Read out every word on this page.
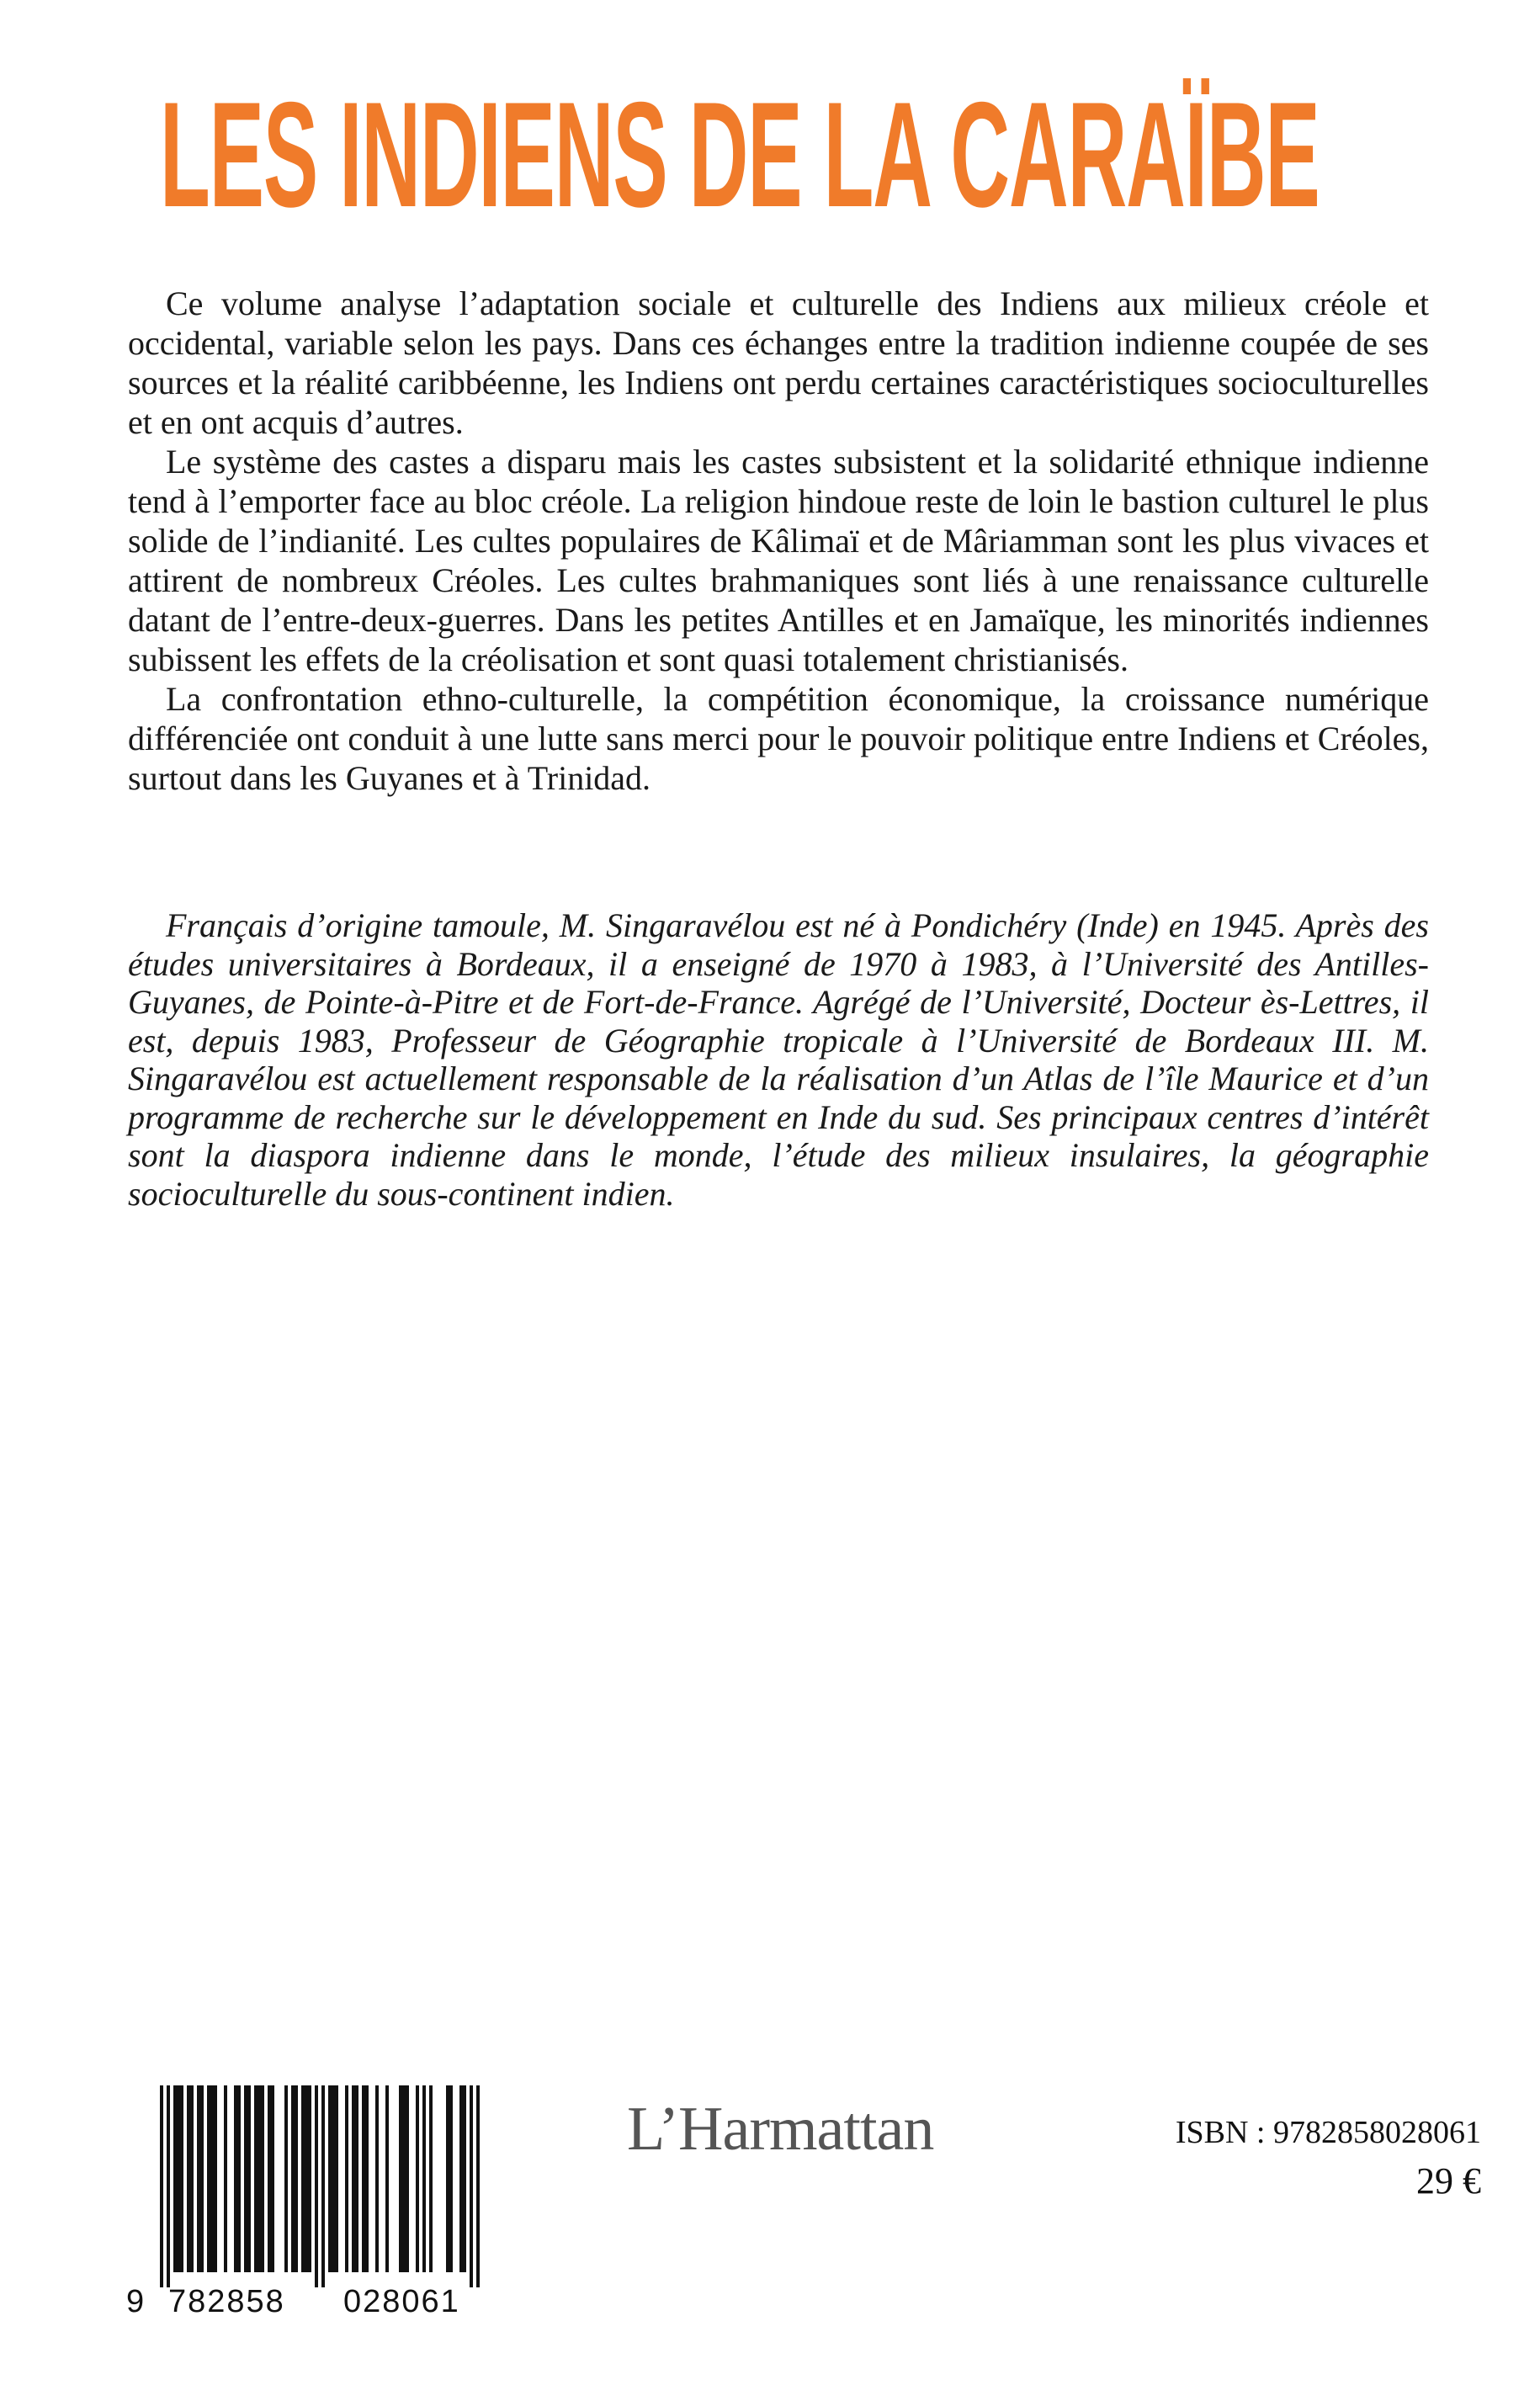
LES INDIENS DE LA CARAÏBE

Ce volume analyse l’adaptation sociale et culturelle des Indiens aux milieux créole et occidental, variable selon les pays. Dans ces échanges entre la tradition indienne coupée de ses sources et la réalité caribbéenne, les Indiens ont perdu certaines caractéristiques socioculturelles et en ont acquis d’autres.

Le système des castes a disparu mais les castes subsistent et la solidarité ethnique indienne tend à l’emporter face au bloc créole. La religion hindoue reste de loin le bastion culturel le plus solide de l’indianité. Les cultes populaires de Kâlimaï et de Mâriamman sont les plus vivaces et attirent de nombreux Créoles. Les cultes brahmaniques sont liés à une renaissance culturelle datant de l’entre-deux-guerres. Dans les petites Antilles et en Jamaïque, les minorités indiennes subissent les effets de la créolisation et sont quasi totalement christianisés.

La confrontation ethno-culturelle, la compétition économique, la croissance numérique différenciée ont conduit à une lutte sans merci pour le pouvoir politique entre Indiens et Créoles, surtout dans les Guyanes et à Trinidad.

Français d’origine tamoule, M. Singaravélou est né à Pondichéry (Inde) en 1945. Après des études universitaires à Bordeaux, il a enseigné de 1970 à 1983, à l’Université des Antilles-Guyanes, de Pointe-à-Pitre et de Fort-de-France. Agrégé de l’Université, Docteur ès-Lettres, il est, depuis 1983, Professeur de Géographie tropicale à l’Université de Bordeaux III. M. Singaravélou est actuellement responsable de la réalisation d’un Atlas de l’île Maurice et d’un programme de recherche sur le développement en Inde du sud. Ses principaux centres d’intérêt sont la diaspora indienne dans le monde, l’étude des milieux insulaires, la géographie socioculturelle du sous-continent indien.

9 782858 028061
L’Harmattan	ISBN : 9782858028061
29 €
